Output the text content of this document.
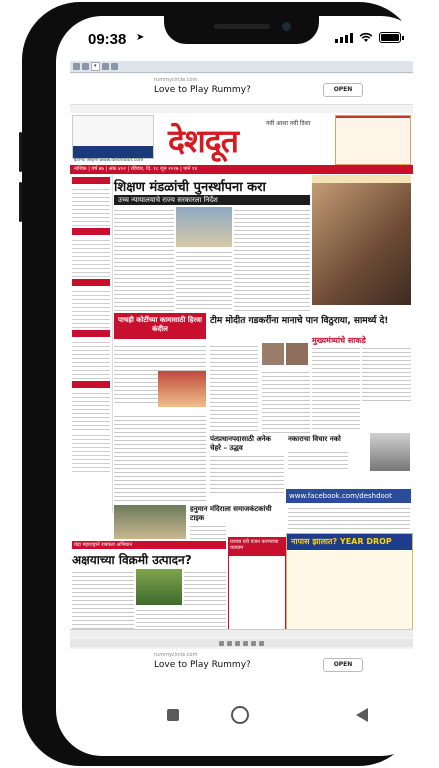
09:38 ➤
▾
rummycircle.com
Love to Play Rummy?	OPEN
देशदूत	नवी आशा नवी दिशा
इंटरनेट आवृत्ती www.deshdoot.com
नाशिक | वर्ष ४७ | अंक ४०२ | रविवार, दि. १८ जून २०१७ | पाने १४
शिक्षण मंडळांची पुनर्स्थापना करा
उच्च न्यायालयाचे राज्य सरकारला निर्देश
पाचही कोटींच्या कामासाठी हिरवा कंदील
टीम मोदीत गडकरींना मानाचे पान विठुराया, सामर्थ्य दे!
मुख्यमंत्र्यांचे साकडे
पंतप्रधानपदासाठी अनेक चेहरे – उद्धव
नकाराचा विचार नको
www.facebook.com/deshdoot
हनुमान मंदिराला समाजकंटकांची टाइक
यंदा महाराष्ट्राने राबवला अभियान
अक्षयाच्या विक्रमी उत्पादन?
घरच्या घरी वजन करण्याचा व्यायाम
नापास झालात? YEAR DROP
rummycircle.com
Love to Play Rummy?	OPEN
